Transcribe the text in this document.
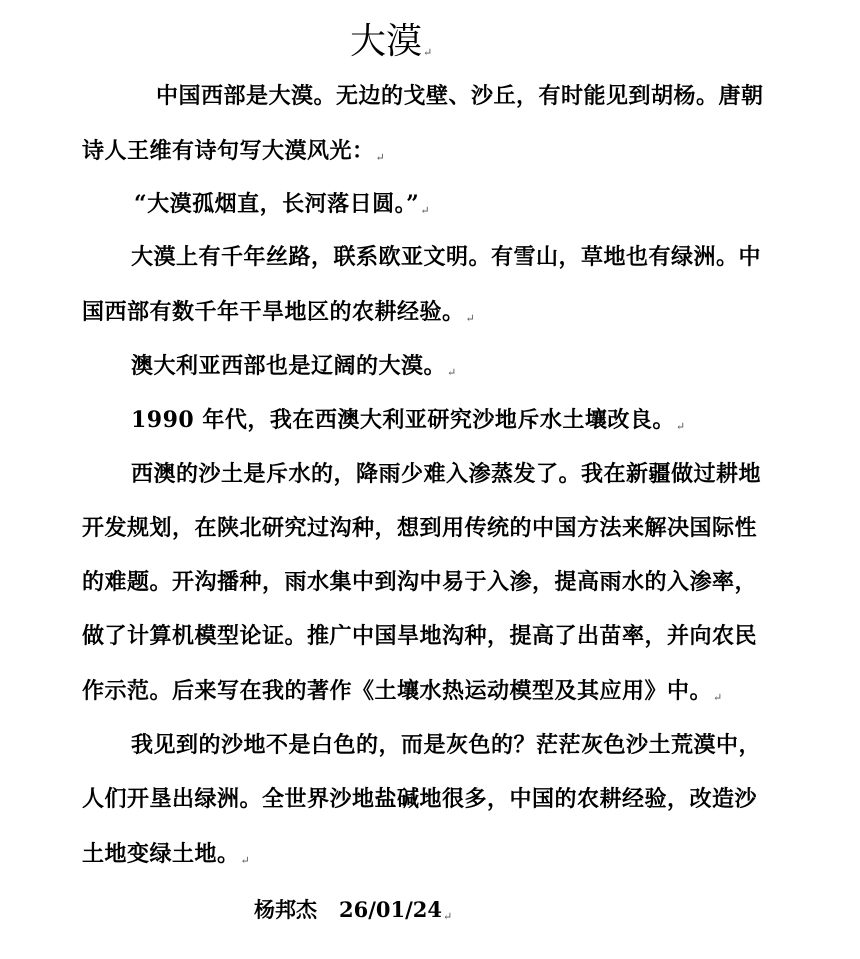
大漠↵
中国西部是大漠。无边的戈壁、沙丘，有时能见到胡杨。唐朝
诗人王维有诗句写大漠风光：↵
“大漠孤烟直，长河落日圆。”↵
大漠上有千年丝路，联系欧亚文明。有雪山，草地也有绿洲。中
国西部有数千年干旱地区的农耕经验。↵
澳大利亚西部也是辽阔的大漠。↵
1990 年代，我在西澳大利亚研究沙地斥水土壤改良。↵
西澳的沙土是斥水的，降雨少难入渗蒸发了。我在新疆做过耕地
开发规划，在陕北研究过沟种，想到用传统的中国方法来解决国际性
的难题。开沟播种，雨水集中到沟中易于入渗，提高雨水的入渗率，
做了计算机模型论证。推广中国旱地沟种，提高了出苗率，并向农民
作示范。后来写在我的著作《土壤水热运动模型及其应用》中。↵
我见到的沙地不是白色的，而是灰色的？茫茫灰色沙土荒漠中，
人们开垦出绿洲。全世界沙地盐碱地很多，中国的农耕经验，改造沙
土地变绿土地。↵
杨邦杰 26/01/24↵
